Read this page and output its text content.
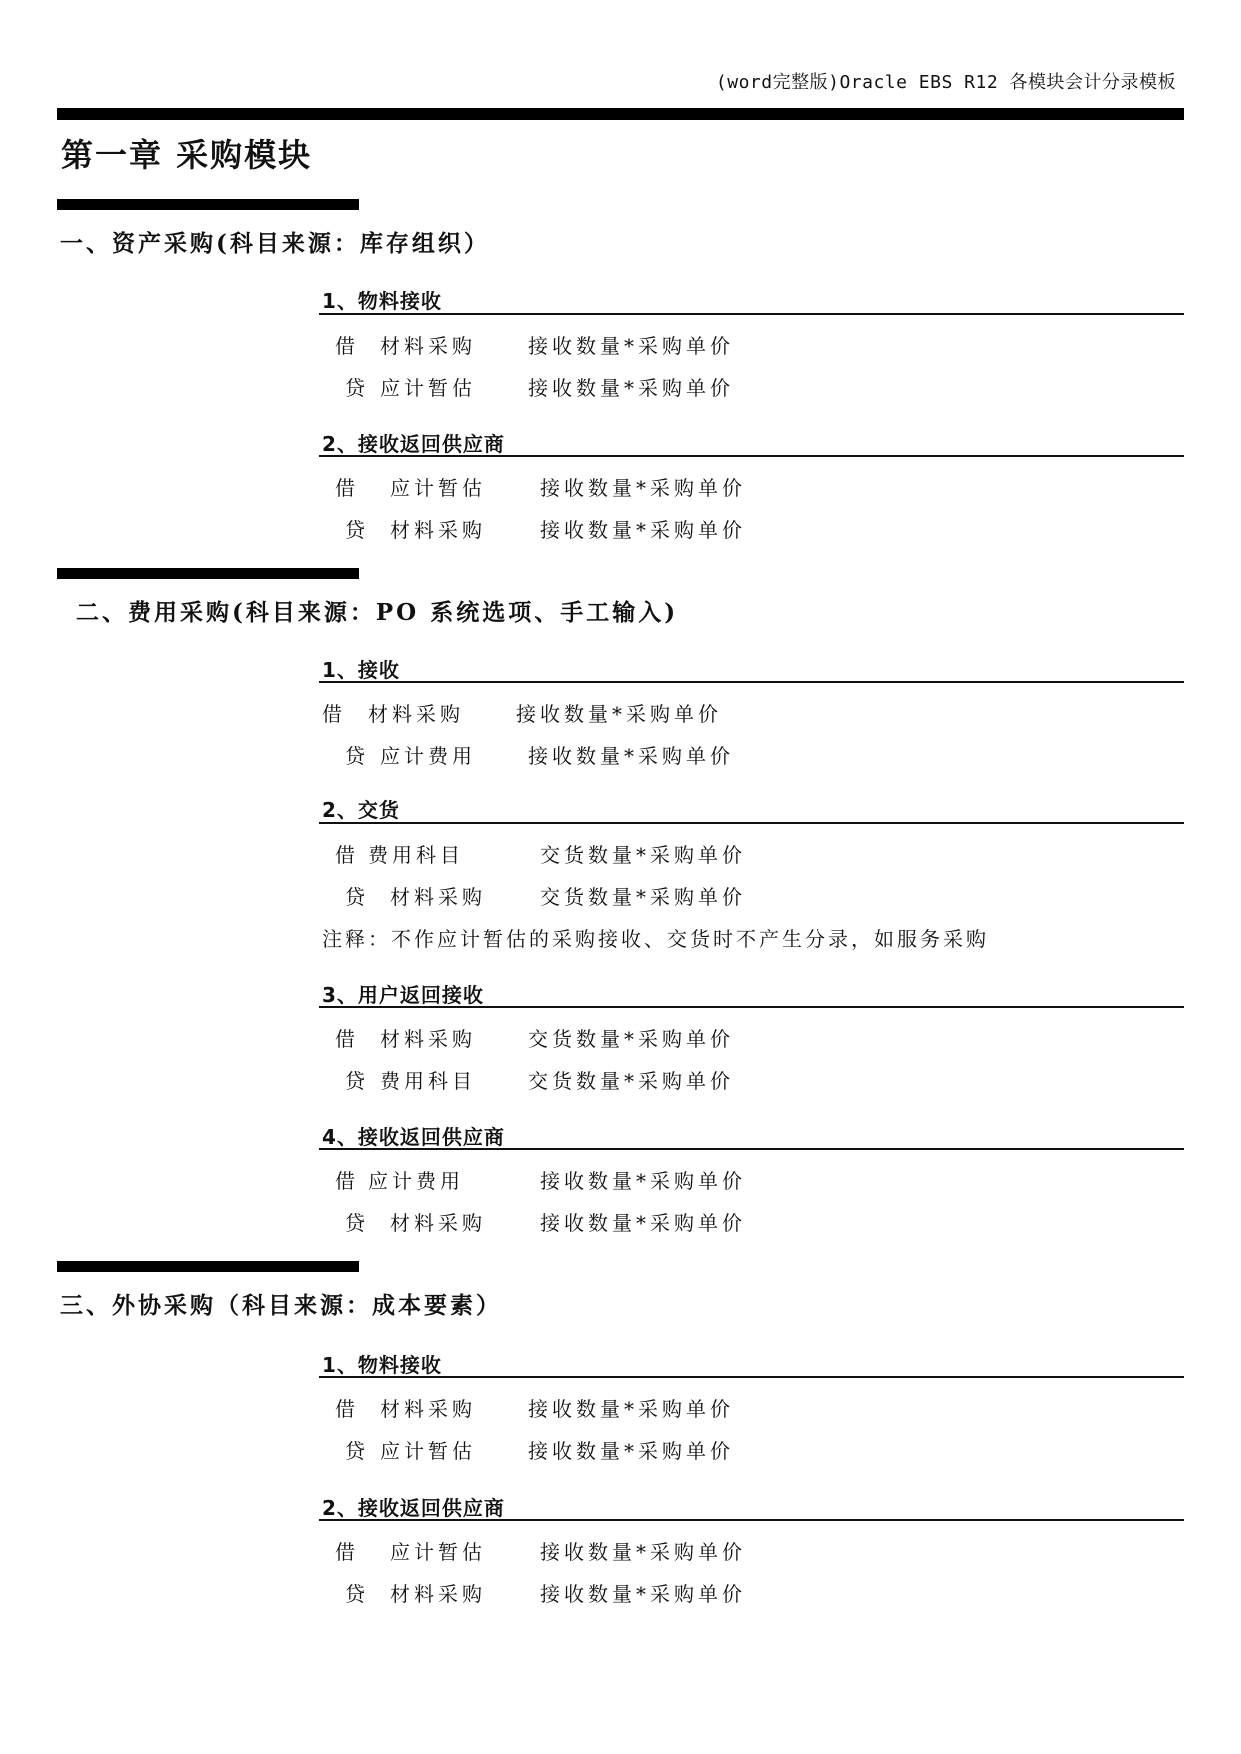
(word完整版)Oracle EBS R12 各模块会计分录模板
第一章 采购模块
一、资产采购(科目来源：库存组织）
1、物料接收
借 材料采购	接收数量*采购单价
贷 应计暂估	接收数量*采购单价
2、接收返回供应商
借 应计暂估	接收数量*采购单价
贷 材料采购	接收数量*采购单价
二、费用采购(科目来源：PO 系统选项、手工输入)
1、接收
借 材料采购	接收数量*采购单价
贷 应计费用	接收数量*采购单价
2、交货
借 费用科目	交货数量*采购单价
贷 材料采购	交货数量*采购单价
注释：不作应计暂估的采购接收、交货时不产生分录，如服务采购
3、用户返回接收
借 材料采购	交货数量*采购单价
贷 费用科目	交货数量*采购单价
4、接收返回供应商
借 应计费用	接收数量*采购单价
贷 材料采购	接收数量*采购单价
三、外协采购（科目来源：成本要素）
1、物料接收
借 材料采购	接收数量*采购单价
贷 应计暂估	接收数量*采购单价
2、接收返回供应商
借 应计暂估	接收数量*采购单价
贷 材料采购	接收数量*采购单价
